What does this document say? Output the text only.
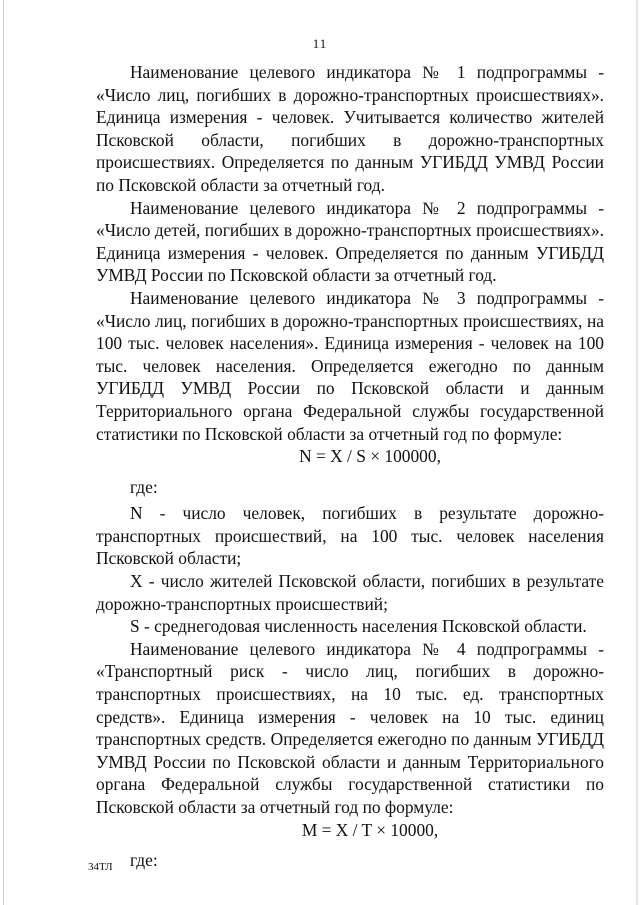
11

Наименование целевого индикатора № 1 подпрограммы - «Число лиц, погибших в дорожно-транспортных происшествиях». Единица измерения - человек. Учитывается количество жителей Псковской области, погибших в дорожно-транспортных происшествиях. Определяется по данным УГИБДД УМВД России по Псковской области за отчетный год.

Наименование целевого индикатора № 2 подпрограммы - «Число детей, погибших в дорожно-транспортных происшествиях». Единица измерения - человек. Определяется по данным УГИБДД УМВД России по Псковской области за отчетный год.

Наименование целевого индикатора № 3 подпрограммы - «Число лиц, погибших в дорожно-транспортных происшествиях, на 100 тыс. человек населения». Единица измерения - человек на 100 тыс. человек населения. Определяется ежегодно по данным УГИБДД УМВД России по Псковской области и данным Территориального органа Федеральной службы государственной статистики по Псковской области за отчетный год по формуле:

N = X / S × 100000,

где:

N - число человек, погибших в результате дорожно-транспортных происшествий, на 100 тыс. человек населения Псковской области;

X - число жителей Псковской области, погибших в результате дорожно-транспортных происшествий;

S - среднегодовая численность населения Псковской области.

Наименование целевого индикатора № 4 подпрограммы - «Транспортный риск - число лиц, погибших в дорожно-транспортных происшествиях, на 10 тыс. ед. транспортных средств». Единица измерения - человек на 10 тыс. единиц транспортных средств. Определяется ежегодно по данным УГИБДД УМВД России по Псковской области и данным Территориального органа Федеральной службы государственной статистики по Псковской области за отчетный год по формуле:

M = X / T × 10000,

где:

34ТЛ
